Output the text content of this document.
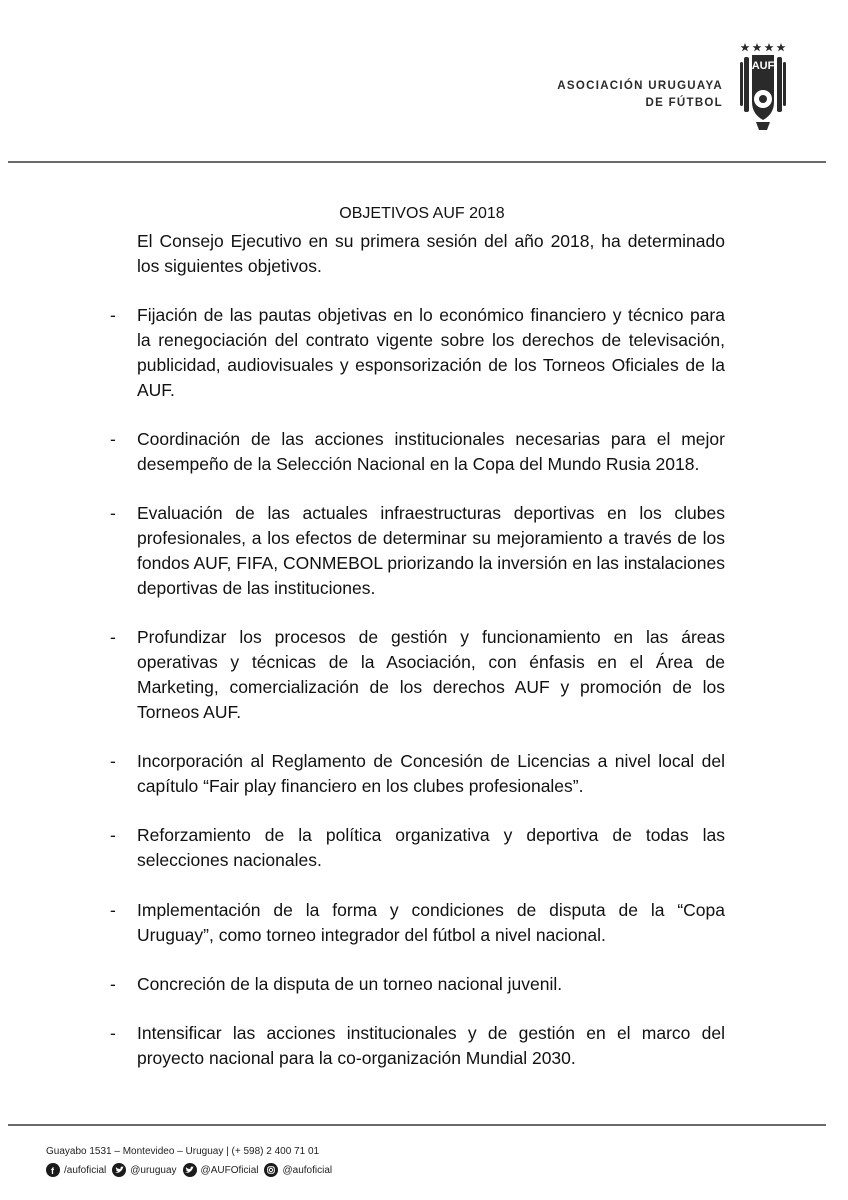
ASOCIACIÓN URUGUAYA
DE FÚTBOL
AUF
OBJETIVOS AUF 2018
El Consejo Ejecutivo en su primera sesión del año 2018, ha determinado los siguientes objetivos.
- Fijación de las pautas objetivas en lo económico financiero y técnico para la renegociación del contrato vigente sobre los derechos de televisación, publicidad, audiovisuales y esponsorización de los Torneos Oficiales de la AUF.
- Coordinación de las acciones institucionales necesarias para el mejor desempeño de la Selección Nacional en la Copa del Mundo Rusia 2018.
- Evaluación de las actuales infraestructuras deportivas en los clubes profesionales, a los efectos de determinar su mejoramiento a través de los fondos AUF, FIFA, CONMEBOL priorizando la inversión en las instalaciones deportivas de las instituciones.
- Profundizar los procesos de gestión y funcionamiento en las áreas operativas y técnicas de la Asociación, con énfasis en el Área de Marketing, comercialización de los derechos AUF y promoción de los Torneos AUF.
- Incorporación al Reglamento de Concesión de Licencias a nivel local del capítulo “Fair play financiero en los clubes profesionales”.
- Reforzamiento de la política organizativa y deportiva de todas las selecciones nacionales.
- Implementación de la forma y condiciones de disputa de la “Copa Uruguay”, como torneo integrador del fútbol a nivel nacional.
- Concreción de la disputa de un torneo nacional juvenil.
- Intensificar las acciones institucionales y de gestión en el marco del proyecto nacional para la co-organización Mundial 2030.
Guayabo 1531 – Montevideo – Uruguay | (+ 598) 2 400 71 01
f /aufoficial @uruguay @AUFOficial @aufoficial
